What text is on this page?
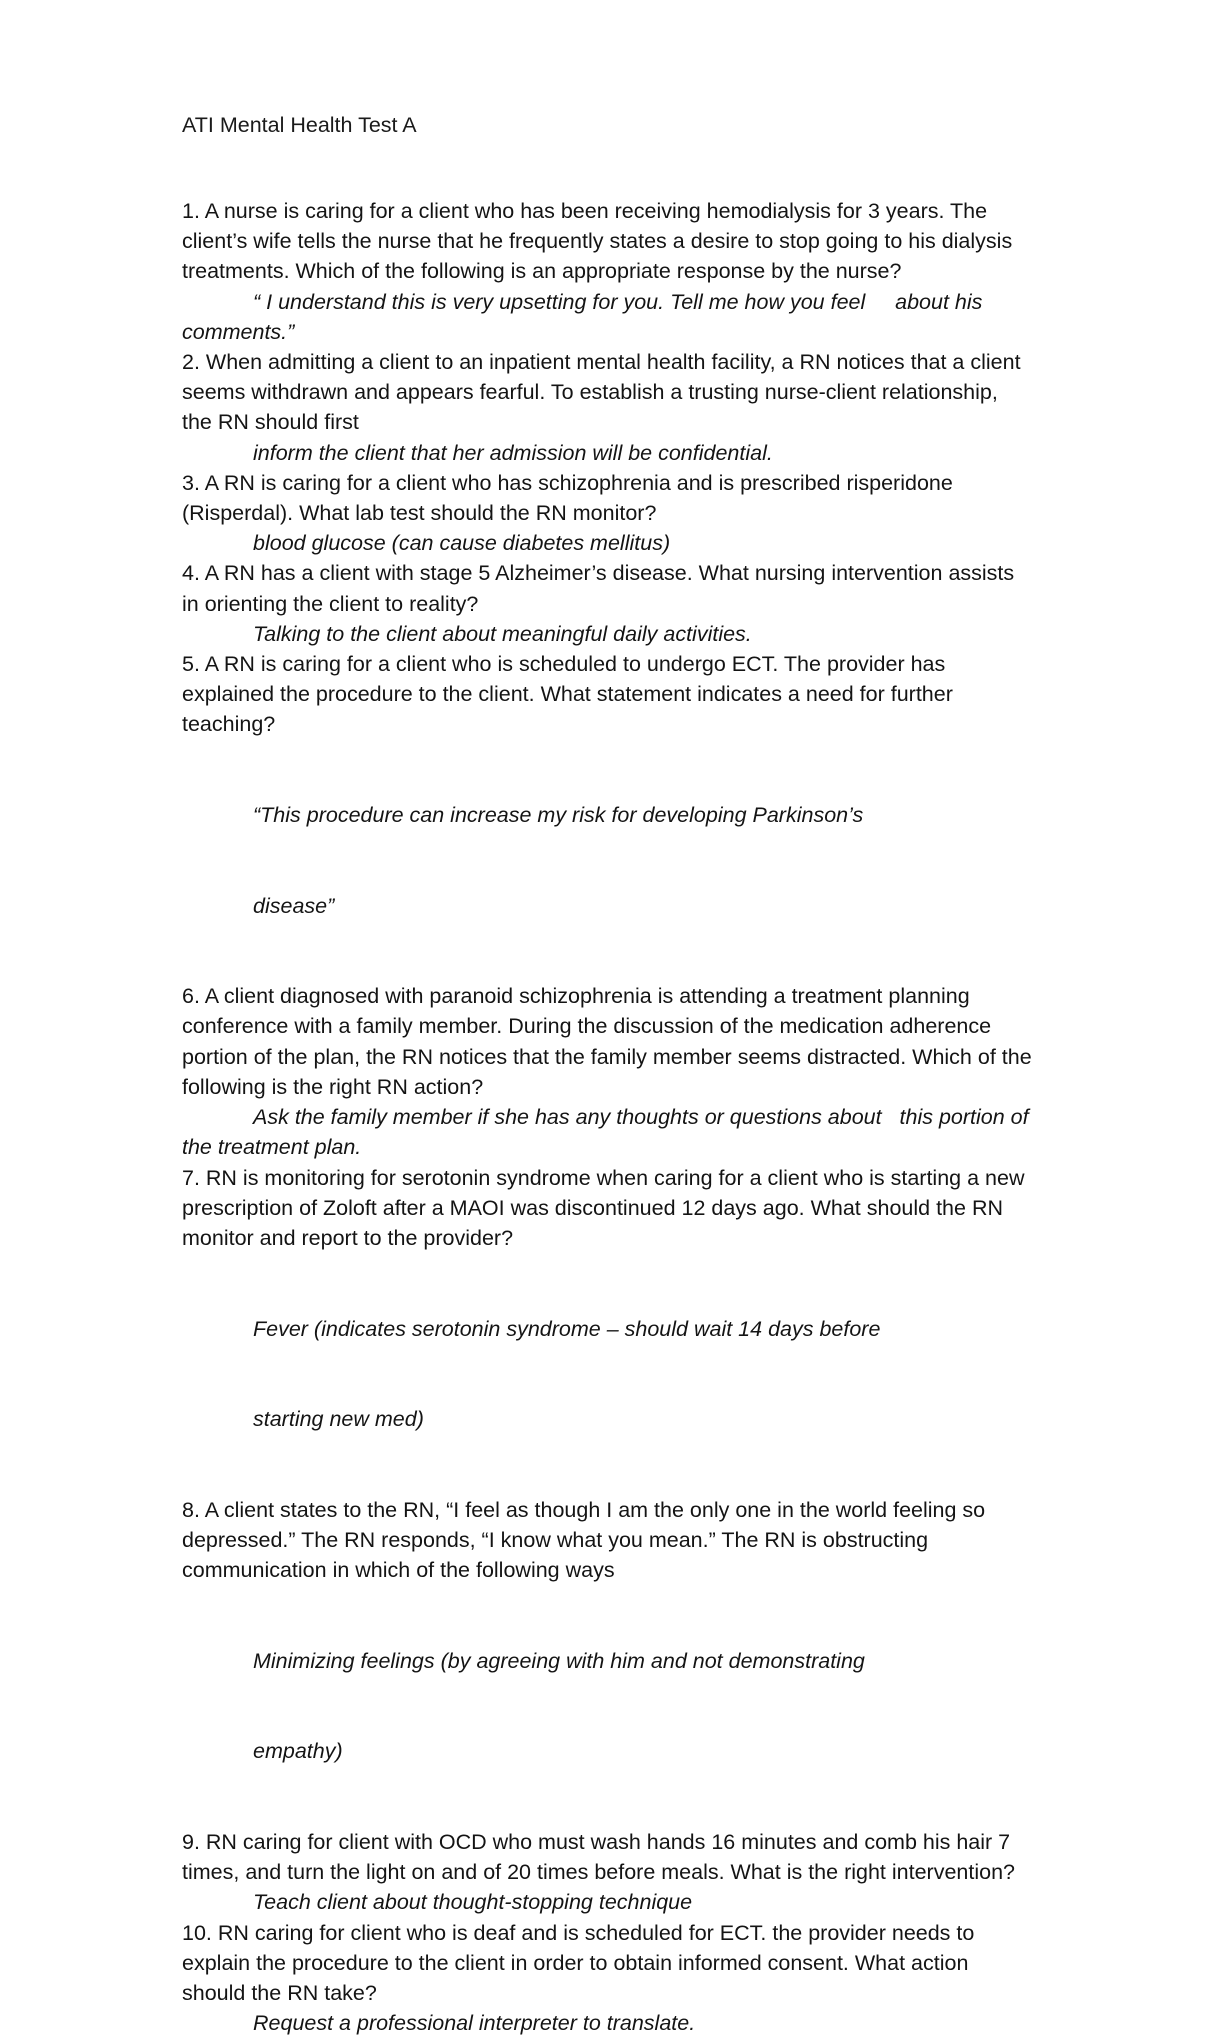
ATI Mental Health Test A

1. A nurse is caring for a client who has been receiving hemodialysis for 3 years. The client’s wife tells the nurse that he frequently states a desire to stop going to his dialysis treatments. Which of the following is an appropriate response by the nurse?

“ I understand this is very upsetting for you. Tell me how you feel     about his comments.”

2. When admitting a client to an inpatient mental health facility, a RN notices that a client seems withdrawn and appears fearful. To establish a trusting nurse-client relationship, the RN should first

inform the client that her admission will be confidential.

3. A RN is caring for a client who has schizophrenia and is prescribed risperidone (Risperdal). What lab test should the RN monitor?

blood glucose (can cause diabetes mellitus)

4. A RN has a client with stage 5 Alzheimer’s disease. What nursing intervention assists in orienting the client to reality?

Talking to the client about meaningful daily activities.

5. A RN is caring for a client who is scheduled to undergo ECT. The provider has explained the procedure to the client. What statement indicates a need for further teaching?

“This procedure can increase my risk for developing Parkinson’s

disease”

6. A client diagnosed with paranoid schizophrenia is attending a treatment planning conference with a family member. During the discussion of the medication adherence portion of the plan, the RN notices that the family member seems distracted. Which of the following is the right RN action?

Ask the family member if she has any thoughts or questions about   this portion of the treatment plan.

7. RN is monitoring for serotonin syndrome when caring for a client who is starting a new prescription of Zoloft after a MAOI was discontinued 12 days ago. What should the RN monitor and report to the provider?

Fever (indicates serotonin syndrome – should wait 14 days before

starting new med)

8. A client states to the RN, “I feel as though I am the only one in the world feeling so depressed.” The RN responds, “I know what you mean.” The RN is obstructing communication in which of the following ways

Minimizing feelings (by agreeing with him and not demonstrating

empathy)

9. RN caring for client with OCD who must wash hands 16 minutes and comb his hair 7 times, and turn the light on and of 20 times before meals. What is the right intervention?

Teach client about thought-stopping technique

10. RN caring for client who is deaf and is scheduled for ECT. the provider needs to explain the procedure to the client in order to obtain informed consent. What action should the RN take?

Request a professional interpreter to translate.
